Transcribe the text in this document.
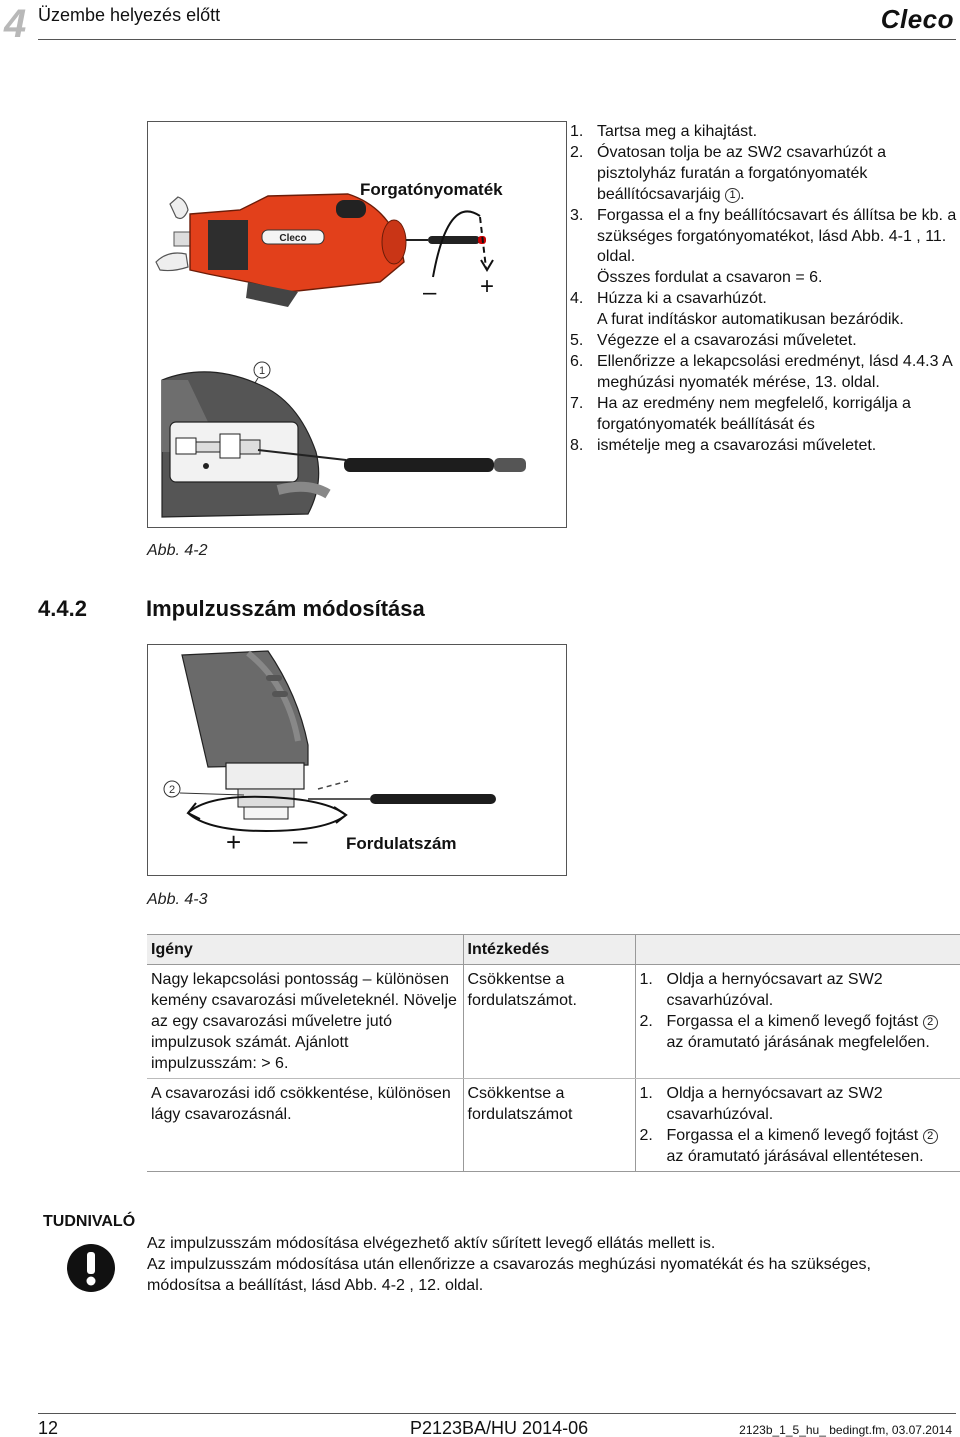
4 Üzembe helyezés előtt	Cleco
Cleco
Forgatónyomaték
– +
1
1. Tartsa meg a kihajtást.
2. Óvatosan tolja be az SW2 csavarhúzót a pisztolyház furatán a forgatónyomaték beállítócsavarjáig 1 .
3. Forgassa el a fny beállítócsavart és állítsa be kb. a szükséges forgatónyomatékot, lásd Abb. 4-1 , 11. oldal.
Összes fordulat a csavaron = 6.
4. Húzza ki a csavarhúzót.
A furat indításkor automatikusan bezáródik.
5. Végezze el a csavarozási műveletet.
6. Ellenőrizze a lekapcsolási eredményt, lásd 4.4.3 A meghúzási nyomaték mérése, 13. oldal.
7. Ha az eredmény nem megfelelő, korrigálja a forgatónyomaték beállítását és
8. ismételje meg a csavarozási műveletet.
Abb. 4-2
4.4.2	Impulzusszám módosítása
2
+ – Fordulatszám
Abb. 4-3
Igény	Intézkedés	
Nagy lekapcsolási pontosság – különösen kemény csavarozási műveleteknél. Növelje az egy csavarozási műveletre jutó impulzusok számát. Ajánlott impulzusszám: > 6.	Csökkentse a fordulatszámot.	1. Oldja a hernyócsavart az SW2 csavarhúzóval.
2. Forgassa el a kimenő levegő fojtást 2 az óramutató járásának megfelelően.

A csavarozási idő csökkentése, különösen lágy csavarozásnál.	Csökkentse a fordulatszámot	1. Oldja a hernyócsavart az SW2 csavarhúzóval.
2. Forgassa el a kimenő levegő fojtást 2 az óramutató járásával ellentétesen.
TUDNIVALÓ
Az impulzusszám módosítása elvégezhető aktív sűrített levegő ellátás mellett is.
Az impulzusszám módosítása után ellenőrizze a csavarozás meghúzási nyomatékát és ha szükséges, módosítsa a beállítást, lásd Abb. 4-2 , 12. oldal.
12	P2123BA/HU 2014-06	2123b_1_5_hu_ bedingt.fm, 03.07.2014
